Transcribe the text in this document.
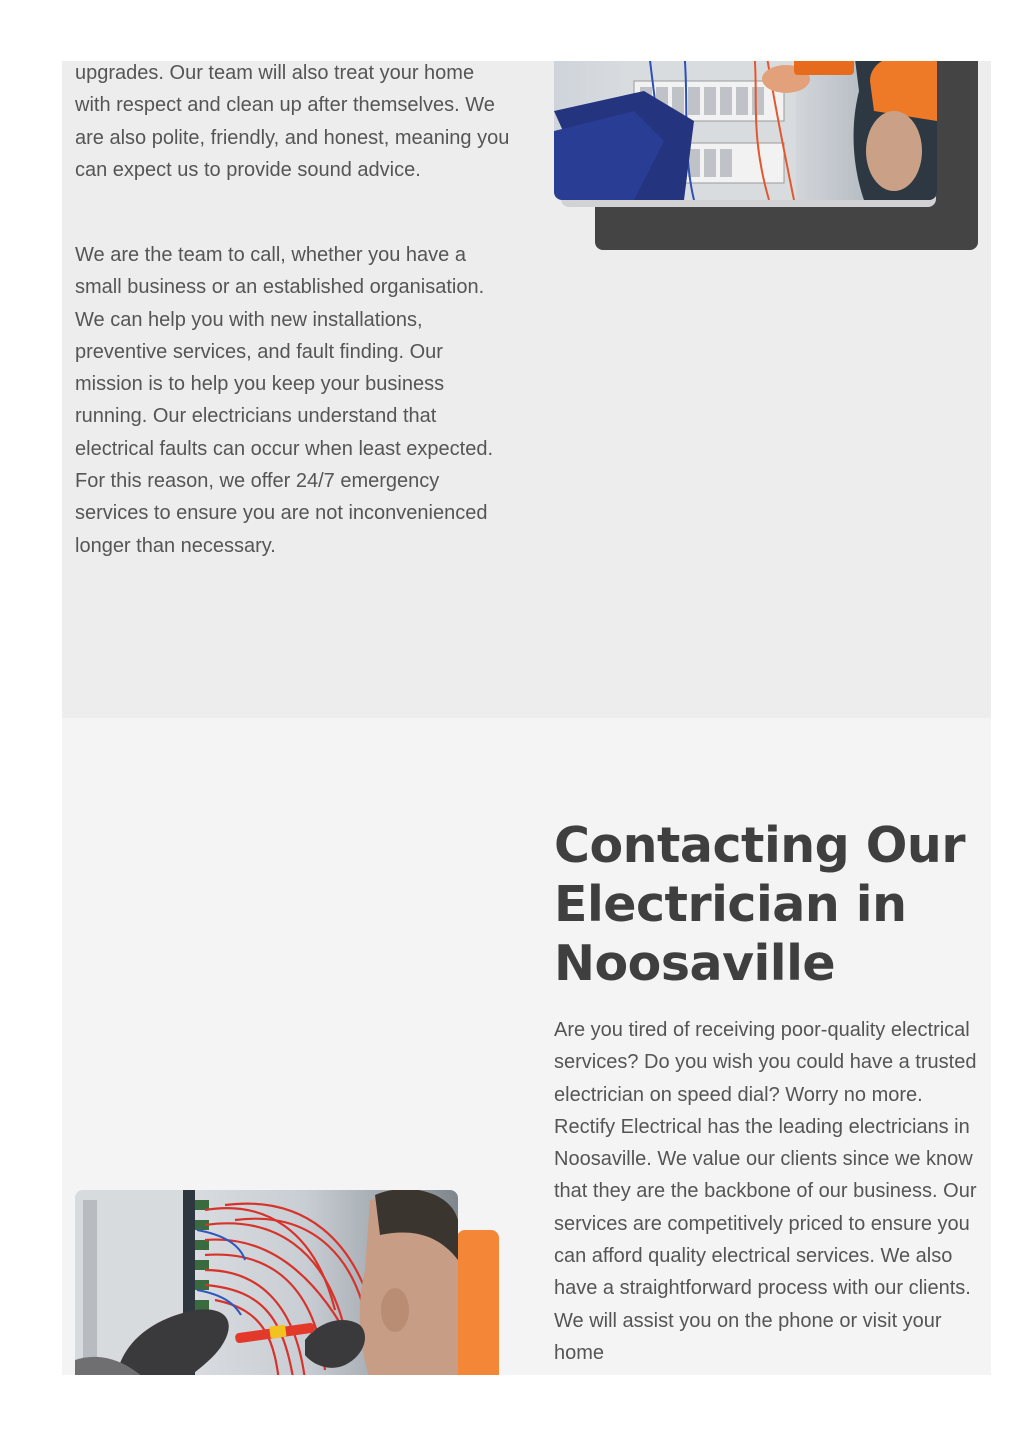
upgrades. Our team will also treat your home with respect and clean up after themselves. We are also polite, friendly, and honest, meaning you can expect us to provide sound advice.

We are the team to call, whether you have a small business or an established organisation. We can help you with new installations, preventive services, and fault finding. Our mission is to help you keep your business running. Our electricians understand that electrical faults can occur when least expected. For this reason, we offer 24/7 emergency services to ensure you are not inconvenienced longer than necessary.

Contacting Our Electrician in Noosaville

Are you tired of receiving poor-quality electrical services? Do you wish you could have a trusted electrician on speed dial? Worry no more. Rectify Electrical has the leading electricians in Noosaville. We value our clients since we know that they are the backbone of our business. Our services are competitively priced to ensure you can afford quality electrical services. We also have a straightforward process with our clients. We will assist you on the phone or visit your home
